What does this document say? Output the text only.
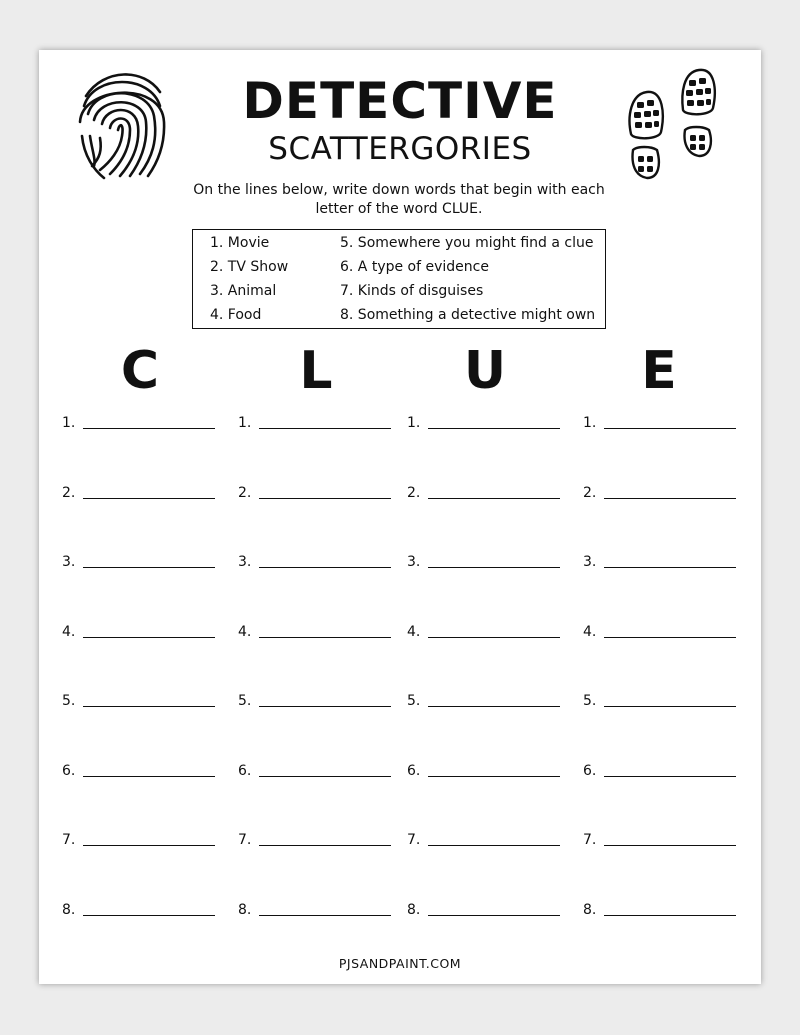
DETECTIVE
SCATTERGORIES
On the lines below, write down words that begin with each letter of the word CLUE.
1. Movie
2. TV Show
3. Animal
4. Food
5. Somewhere you might find a clue
6. A type of evidence
7. Kinds of disguises
8. Something a detective might own
C	L	U	E
1.	1.	1.	1.
2.	2.	2.	2.
3.	3.	3.	3.
4.	4.	4.	4.
5.	5.	5.	5.
6.	6.	6.	6.
7.	7.	7.	7.
8.	8.	8.	8.
PJSANDPAINT.COM
